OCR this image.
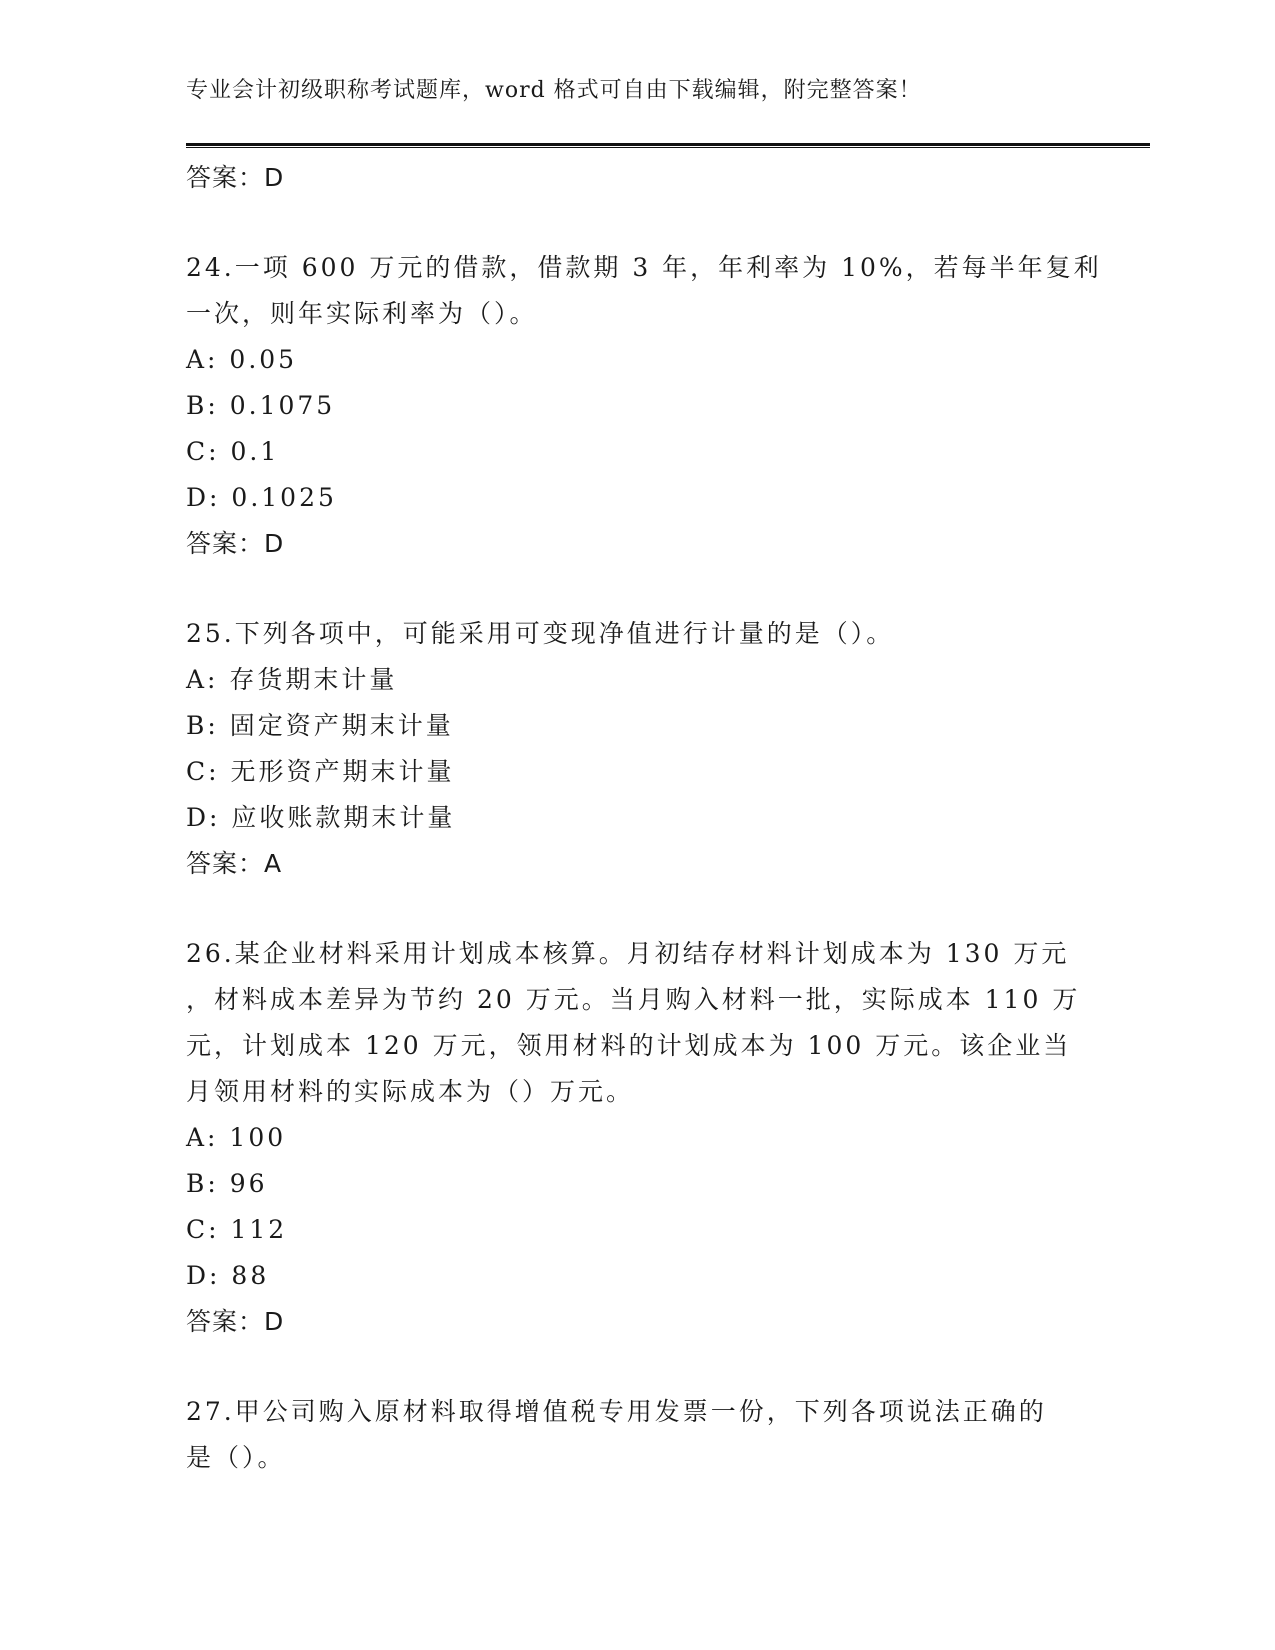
专业会计初级职称考试题库，word 格式可自由下载编辑，附完整答案！
答案：D
24.一项 600 万元的借款，借款期 3 年，年利率为 10%，若每半年复利
一次，则年实际利率为（）。
A: 0.05
B: 0.1075
C: 0.1
D: 0.1025
答案：D
25.下列各项中，可能采用可变现净值进行计量的是（）。
A: 存货期末计量
B: 固定资产期末计量
C: 无形资产期末计量
D: 应收账款期末计量
答案：A
26.某企业材料采用计划成本核算。月初结存材料计划成本为 130 万元
，材料成本差异为节约 20 万元。当月购入材料一批，实际成本 110 万
元，计划成本 120 万元，领用材料的计划成本为 100 万元。该企业当
月领用材料的实际成本为（）万元。
A: 100
B: 96
C: 112
D: 88
答案：D
27.甲公司购入原材料取得增值税专用发票一份，下列各项说法正确的
是（）。
